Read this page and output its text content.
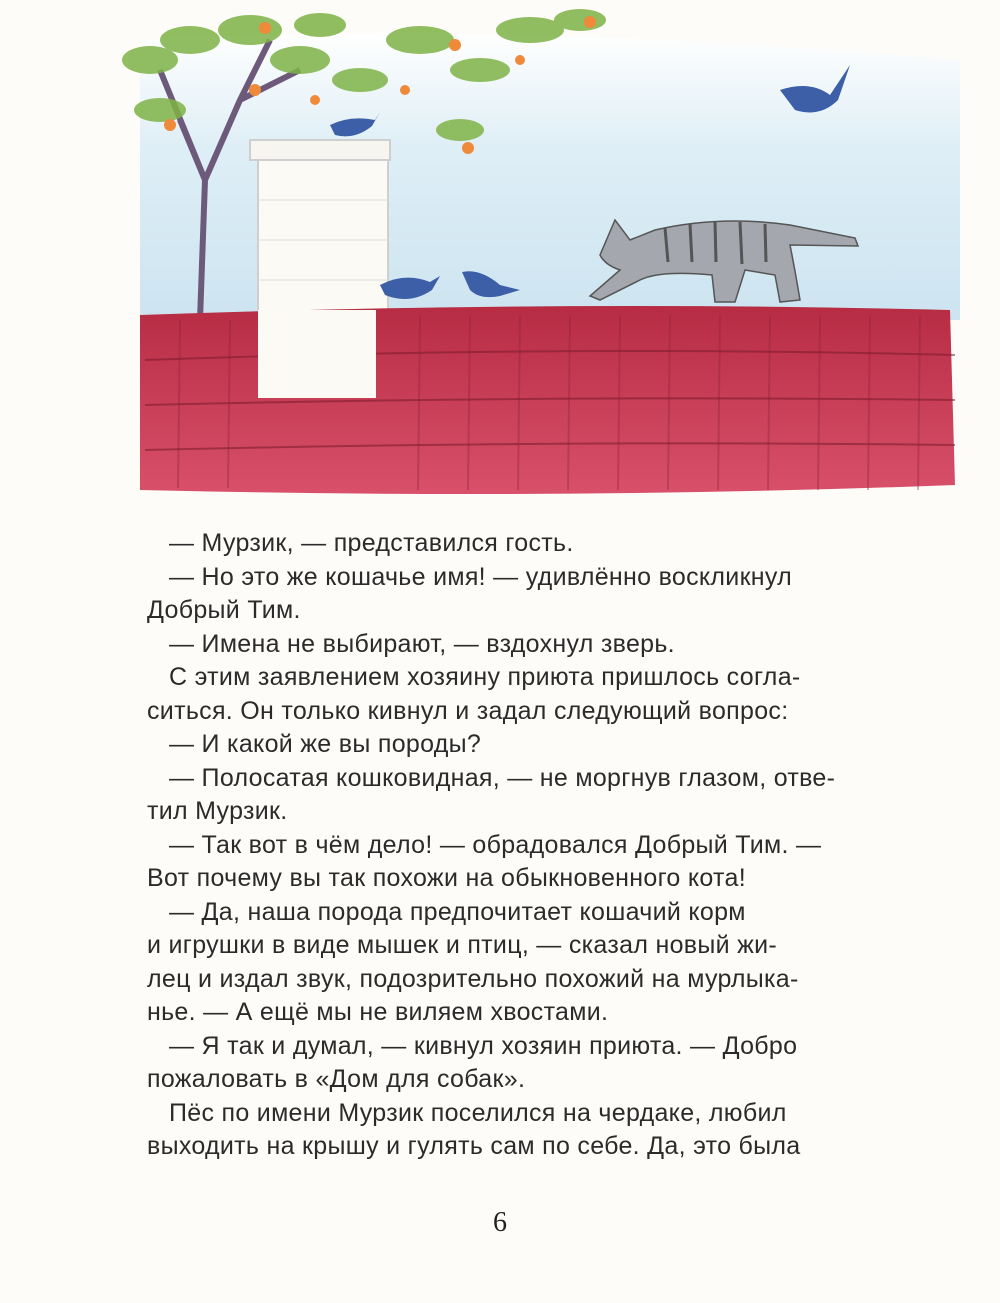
— Мурзик, — представился гость.

— Но это же кошачье имя! — удивлённо воскликнул
Добрый Тим.

— Имена не выбирают, — вздохнул зверь.

С этим заявлением хозяину приюта пришлось согла-
ситься. Он только кивнул и задал следующий вопрос:

— И какой же вы породы?

— Полосатая кошковидная, — не моргнув глазом, отве-
тил Мурзик.

— Так вот в чём дело! — обрадовался Добрый Тим. —
Вот почему вы так похожи на обыкновенного кота!

— Да, наша порода предпочитает кошачий корм
и игрушки в виде мышек и птиц, — сказал новый жи-
лец и издал звук, подозрительно похожий на мурлыка-
нье. — А ещё мы не виляем хвостами.

— Я так и думал, — кивнул хозяин приюта. — Добро
пожаловать в «Дом для собак».

Пёс по имени Мурзик поселился на чердаке, любил
выходить на крышу и гулять сам по себе. Да, это была

6
